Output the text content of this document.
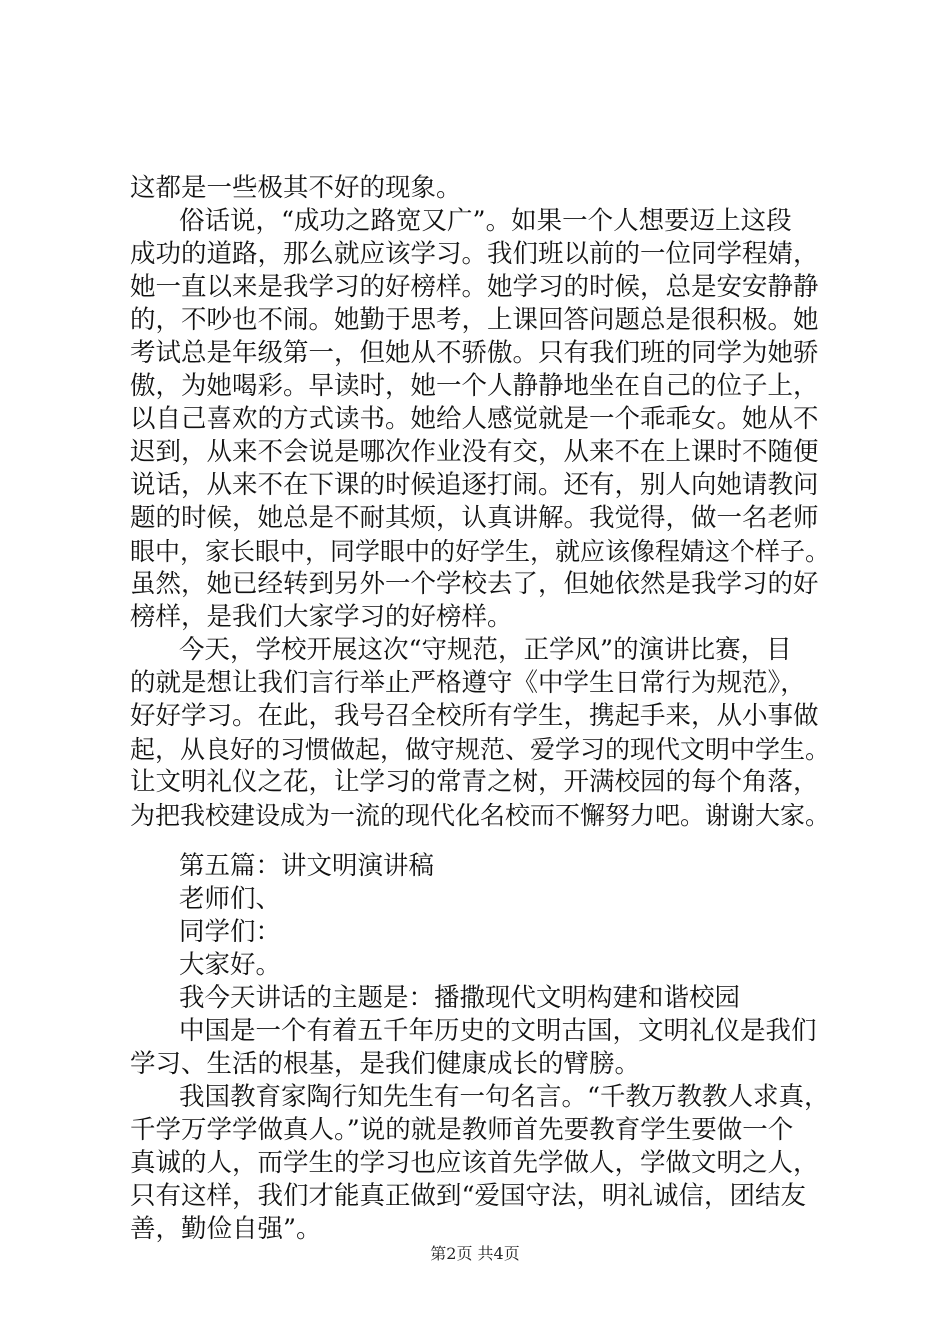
这都是一些极其不好的现象。
俗话说，“成功之路宽又广”。如果一个人想要迈上这段
成功的道路，那么就应该学习。我们班以前的一位同学程婧，
她一直以来是我学习的好榜样。她学习的时候，总是安安静静
的，不吵也不闹。她勤于思考，上课回答问题总是很积极。她
考试总是年级第一，但她从不骄傲。只有我们班的同学为她骄
傲，为她喝彩。早读时，她一个人静静地坐在自己的位子上，
以自己喜欢的方式读书。她给人感觉就是一个乖乖女。她从不
迟到，从来不会说是哪次作业没有交，从来不在上课时不随便
说话，从来不在下课的时候追逐打闹。还有，别人向她请教问
题的时候，她总是不耐其烦，认真讲解。我觉得，做一名老师
眼中，家长眼中，同学眼中的好学生，就应该像程婧这个样子。
虽然，她已经转到另外一个学校去了，但她依然是我学习的好
榜样，是我们大家学习的好榜样。
今天，学校开展这次“守规范，正学风”的演讲比赛，目
的就是想让我们言行举止严格遵守《中学生日常行为规范》，
好好学习。在此，我号召全校所有学生，携起手来，从小事做
起，从良好的习惯做起，做守规范、爱学习的现代文明中学生。
让文明礼仪之花，让学习的常青之树，开满校园的每个角落，
为把我校建设成为一流的现代化名校而不懈努力吧。谢谢大家。
第五篇：讲文明演讲稿
老师们、
同学们：
大家好。
我今天讲话的主题是：播撒现代文明构建和谐校园
中国是一个有着五千年历史的文明古国，文明礼仪是我们
学习、生活的根基，是我们健康成长的臂膀。
我国教育家陶行知先生有一句名言。“千教万教教人求真，
千学万学学做真人。”说的就是教师首先要教育学生要做一个
真诚的人，而学生的学习也应该首先学做人，学做文明之人，
只有这样，我们才能真正做到“爱国守法，明礼诚信，团结友
善，勤俭自强”。
第2页 共4页
